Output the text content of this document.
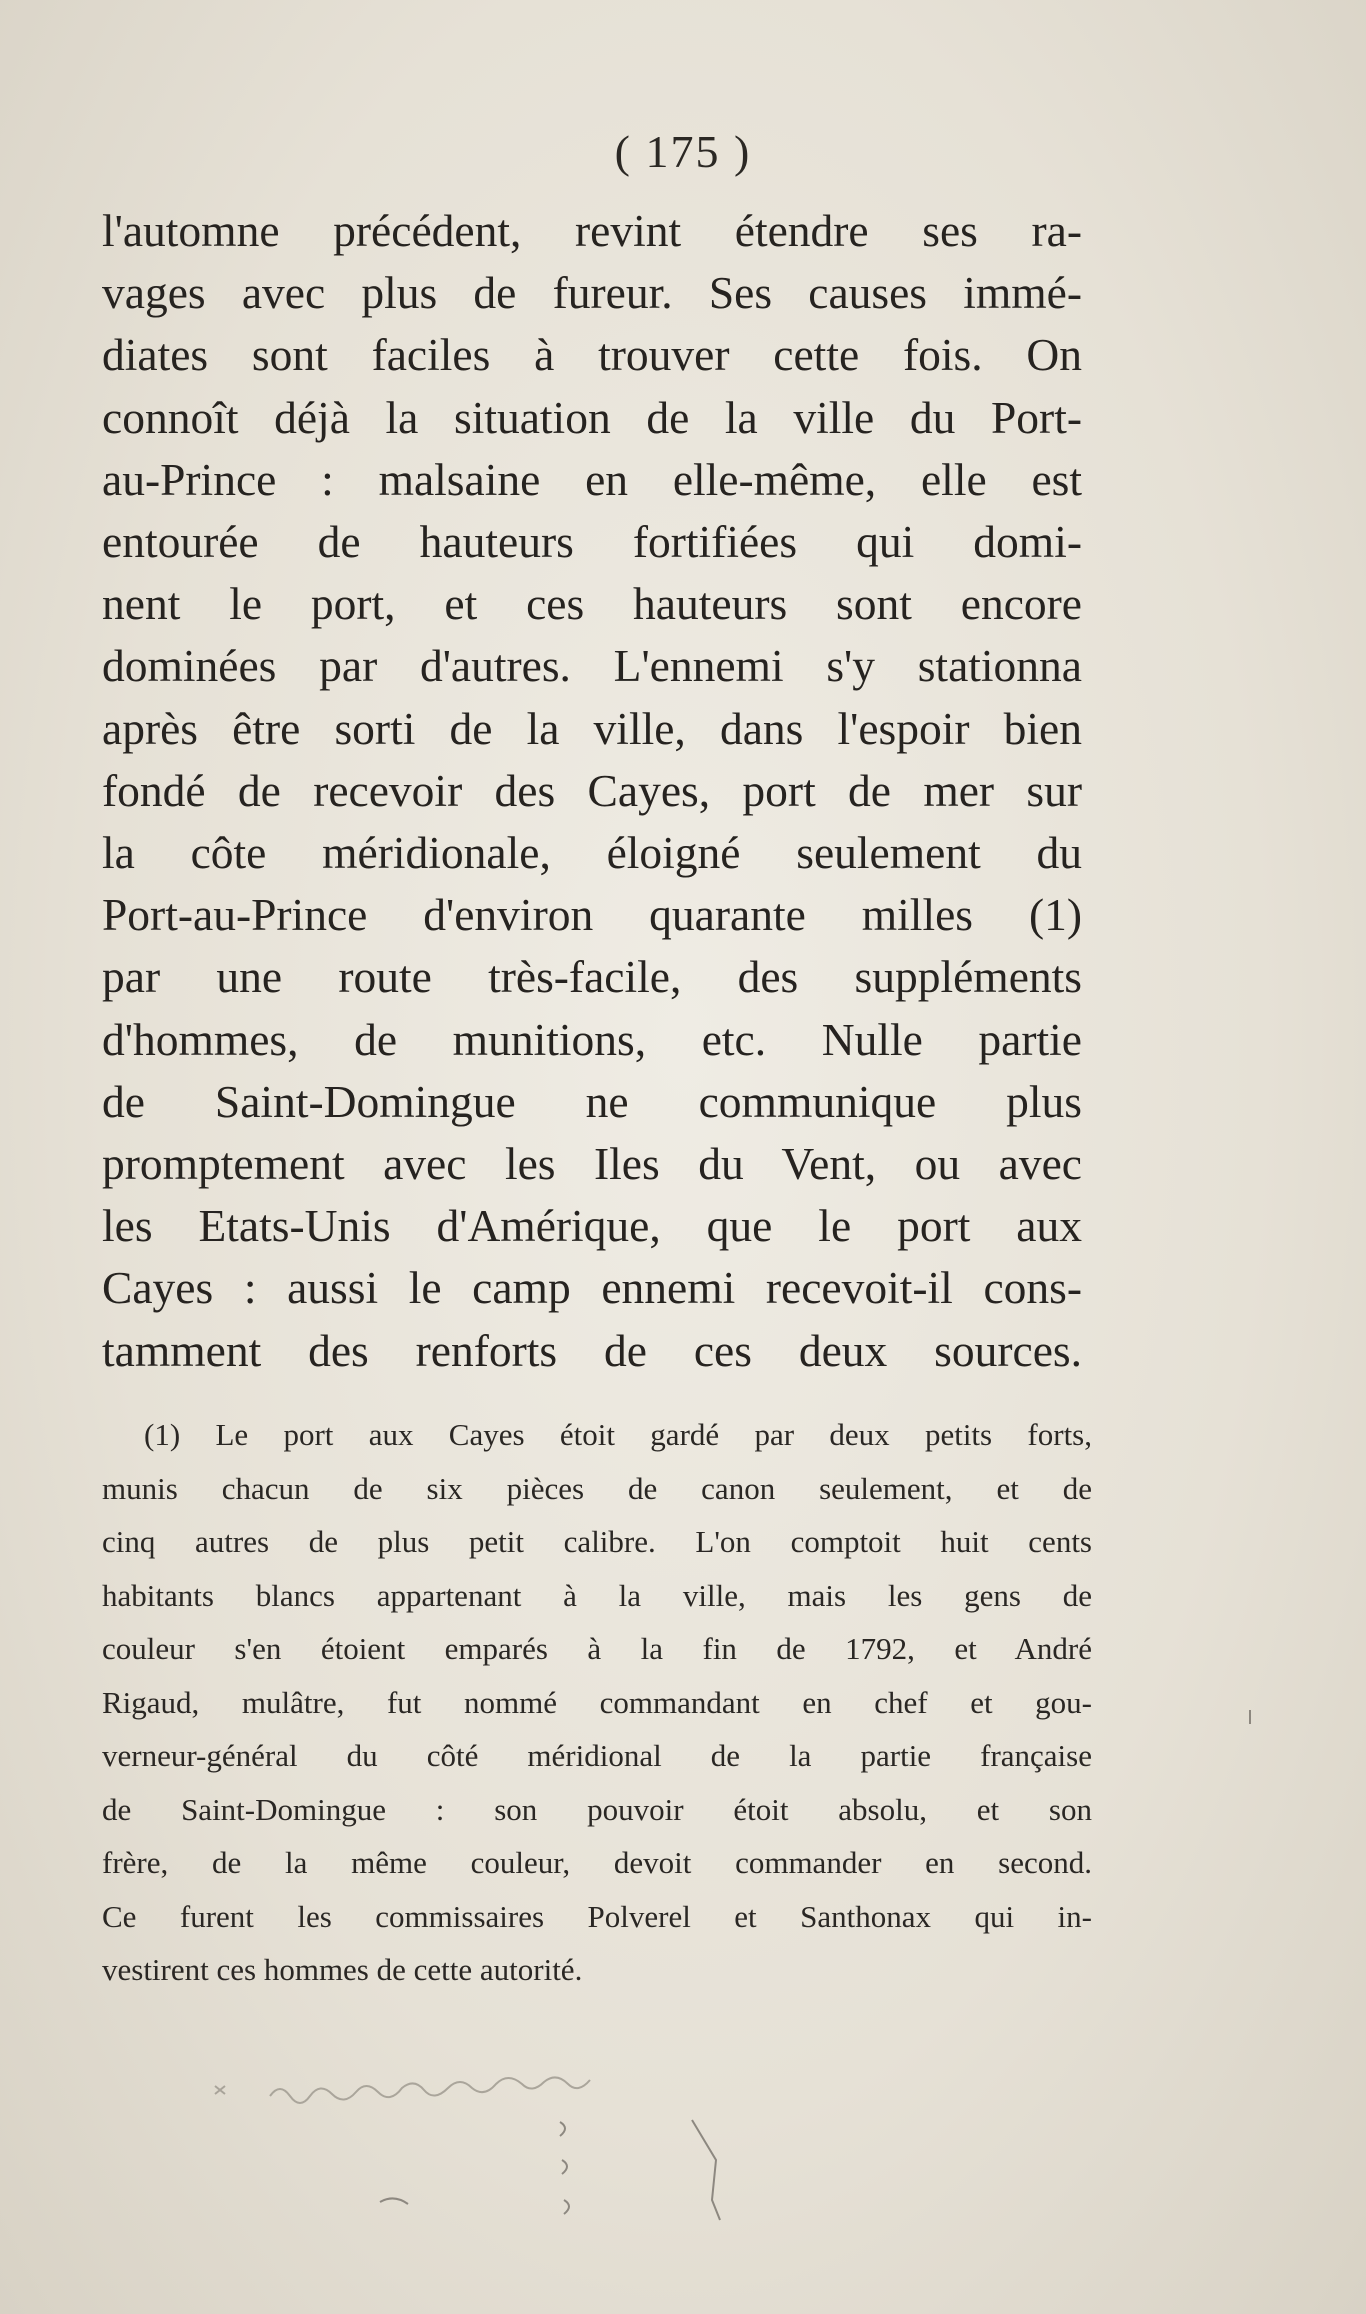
( 175 )
l'automne précédent, revint étendre ses ra-
vages avec plus de fureur. Ses causes immé-
diates sont faciles à trouver cette fois. On
connoît déjà la situation de la ville du Port-
au-Prince : malsaine en elle-même, elle est
entourée de hauteurs fortifiées qui domi-
nent le port, et ces hauteurs sont encore
dominées par d'autres. L'ennemi s'y stationna
après être sorti de la ville, dans l'espoir bien
fondé de recevoir des Cayes, port de mer sur
la côte méridionale, éloigné seulement du
Port-au-Prince d'environ quarante milles (1)
par une route très-facile, des suppléments
d'hommes, de munitions, etc. Nulle partie
de Saint-Domingue ne communique plus
promptement avec les Iles du Vent, ou avec
les Etats-Unis d'Amérique, que le port aux
Cayes : aussi le camp ennemi recevoit-il cons-
tamment des renforts de ces deux sources.
(1) Le port aux Cayes étoit gardé par deux petits forts,
munis chacun de six pièces de canon seulement, et de
cinq autres de plus petit calibre. L'on comptoit huit cents
habitants blancs appartenant à la ville, mais les gens de
couleur s'en étoient emparés à la fin de 1792, et André
Rigaud, mulâtre, fut nommé commandant en chef et gou-
verneur-général du côté méridional de la partie française
de Saint-Domingue : son pouvoir étoit absolu, et son
frère, de la même couleur, devoit commander en second.
Ce furent les commissaires Polverel et Santhonax qui in-
vestirent ces hommes de cette autorité.
